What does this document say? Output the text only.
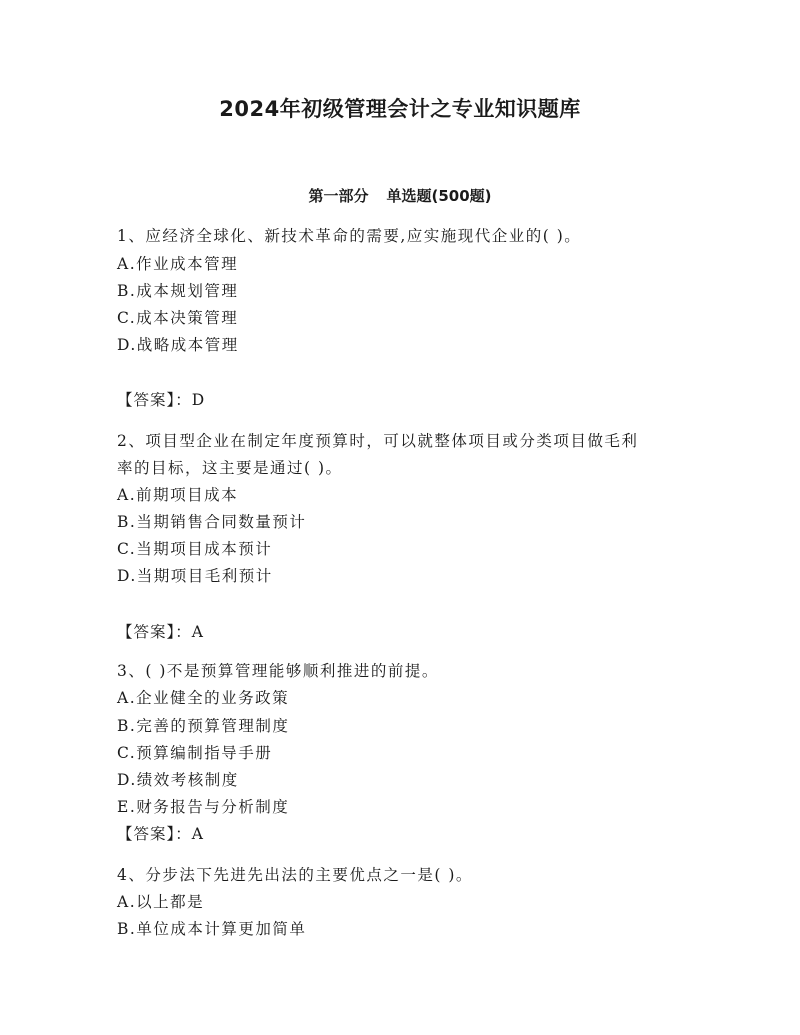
2024年初级管理会计之专业知识题库
第一部分 单选题(500题)
1、应经济全球化、新技术革命的需要,应实施现代企业的( )。
A.作业成本管理
B.成本规划管理
C.成本决策管理
D.战略成本管理
【答案】：D
2、项目型企业在制定年度预算时，可以就整体项目或分类项目做毛利
率的目标，这主要是通过( )。
A.前期项目成本
B.当期销售合同数量预计
C.当期项目成本预计
D.当期项目毛利预计
【答案】：A
3、( )不是预算管理能够顺利推进的前提。
A.企业健全的业务政策
B.完善的预算管理制度
C.预算编制指导手册
D.绩效考核制度
E.财务报告与分析制度
【答案】：A
4、分步法下先进先出法的主要优点之一是( )。
A.以上都是
B.单位成本计算更加简单
